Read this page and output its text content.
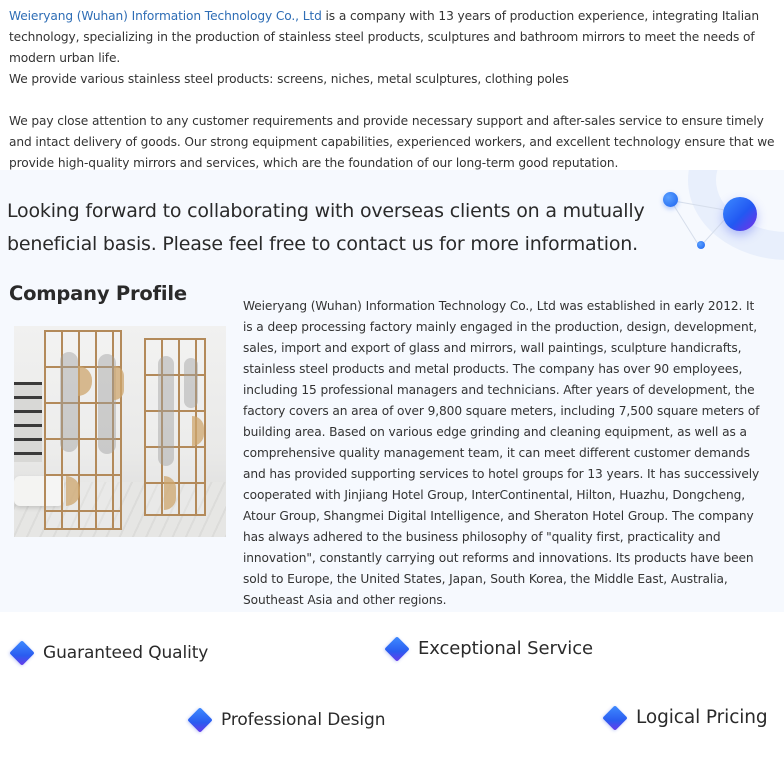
Weieryang (Wuhan) Information Technology Co., Ltd is a company with 13 years of production experience, integrating Italian technology, specializing in the production of stainless steel products, sculptures and bathroom mirrors to meet the needs of modern urban life.

We provide various stainless steel products: screens, niches, metal sculptures, clothing poles

We pay close attention to any customer requirements and provide necessary support and after-sales service to ensure timely and intact delivery of goods. Our strong equipment capabilities, experienced workers, and excellent technology ensure that we provide high-quality mirrors and services, which are the foundation of our long-term good reputation.

Looking forward to collaborating with overseas clients on a mutually beneficial basis. Please feel free to contact us for more information.
Company Profile
Weieryang (Wuhan) Information Technology Co., Ltd was established in early 2012. It is a deep processing factory mainly engaged in the production, design, development, sales, import and export of glass and mirrors, wall paintings, sculpture handicrafts, stainless steel products and metal products. The company has over 90 employees, including 15 professional managers and technicians. After years of development, the factory covers an area of over 9,800 square meters, including 7,500 square meters of building area. Based on various edge grinding and cleaning equipment, as well as a comprehensive quality management team, it can meet different customer demands and has provided supporting services to hotel groups for 13 years. It has successively cooperated with Jinjiang Hotel Group, InterContinental, Hilton, Huazhu, Dongcheng, Atour Group, Shangmei Digital Intelligence, and Sheraton Hotel Group. The company has always adhered to the business philosophy of "quality first, practicality and innovation", constantly carrying out reforms and innovations. Its products have been sold to Europe, the United States, Japan, South Korea, the Middle East, Australia, Southeast Asia and other regions.
Guaranteed Quality	Exceptional Service
Professional Design	Logical Pricing
